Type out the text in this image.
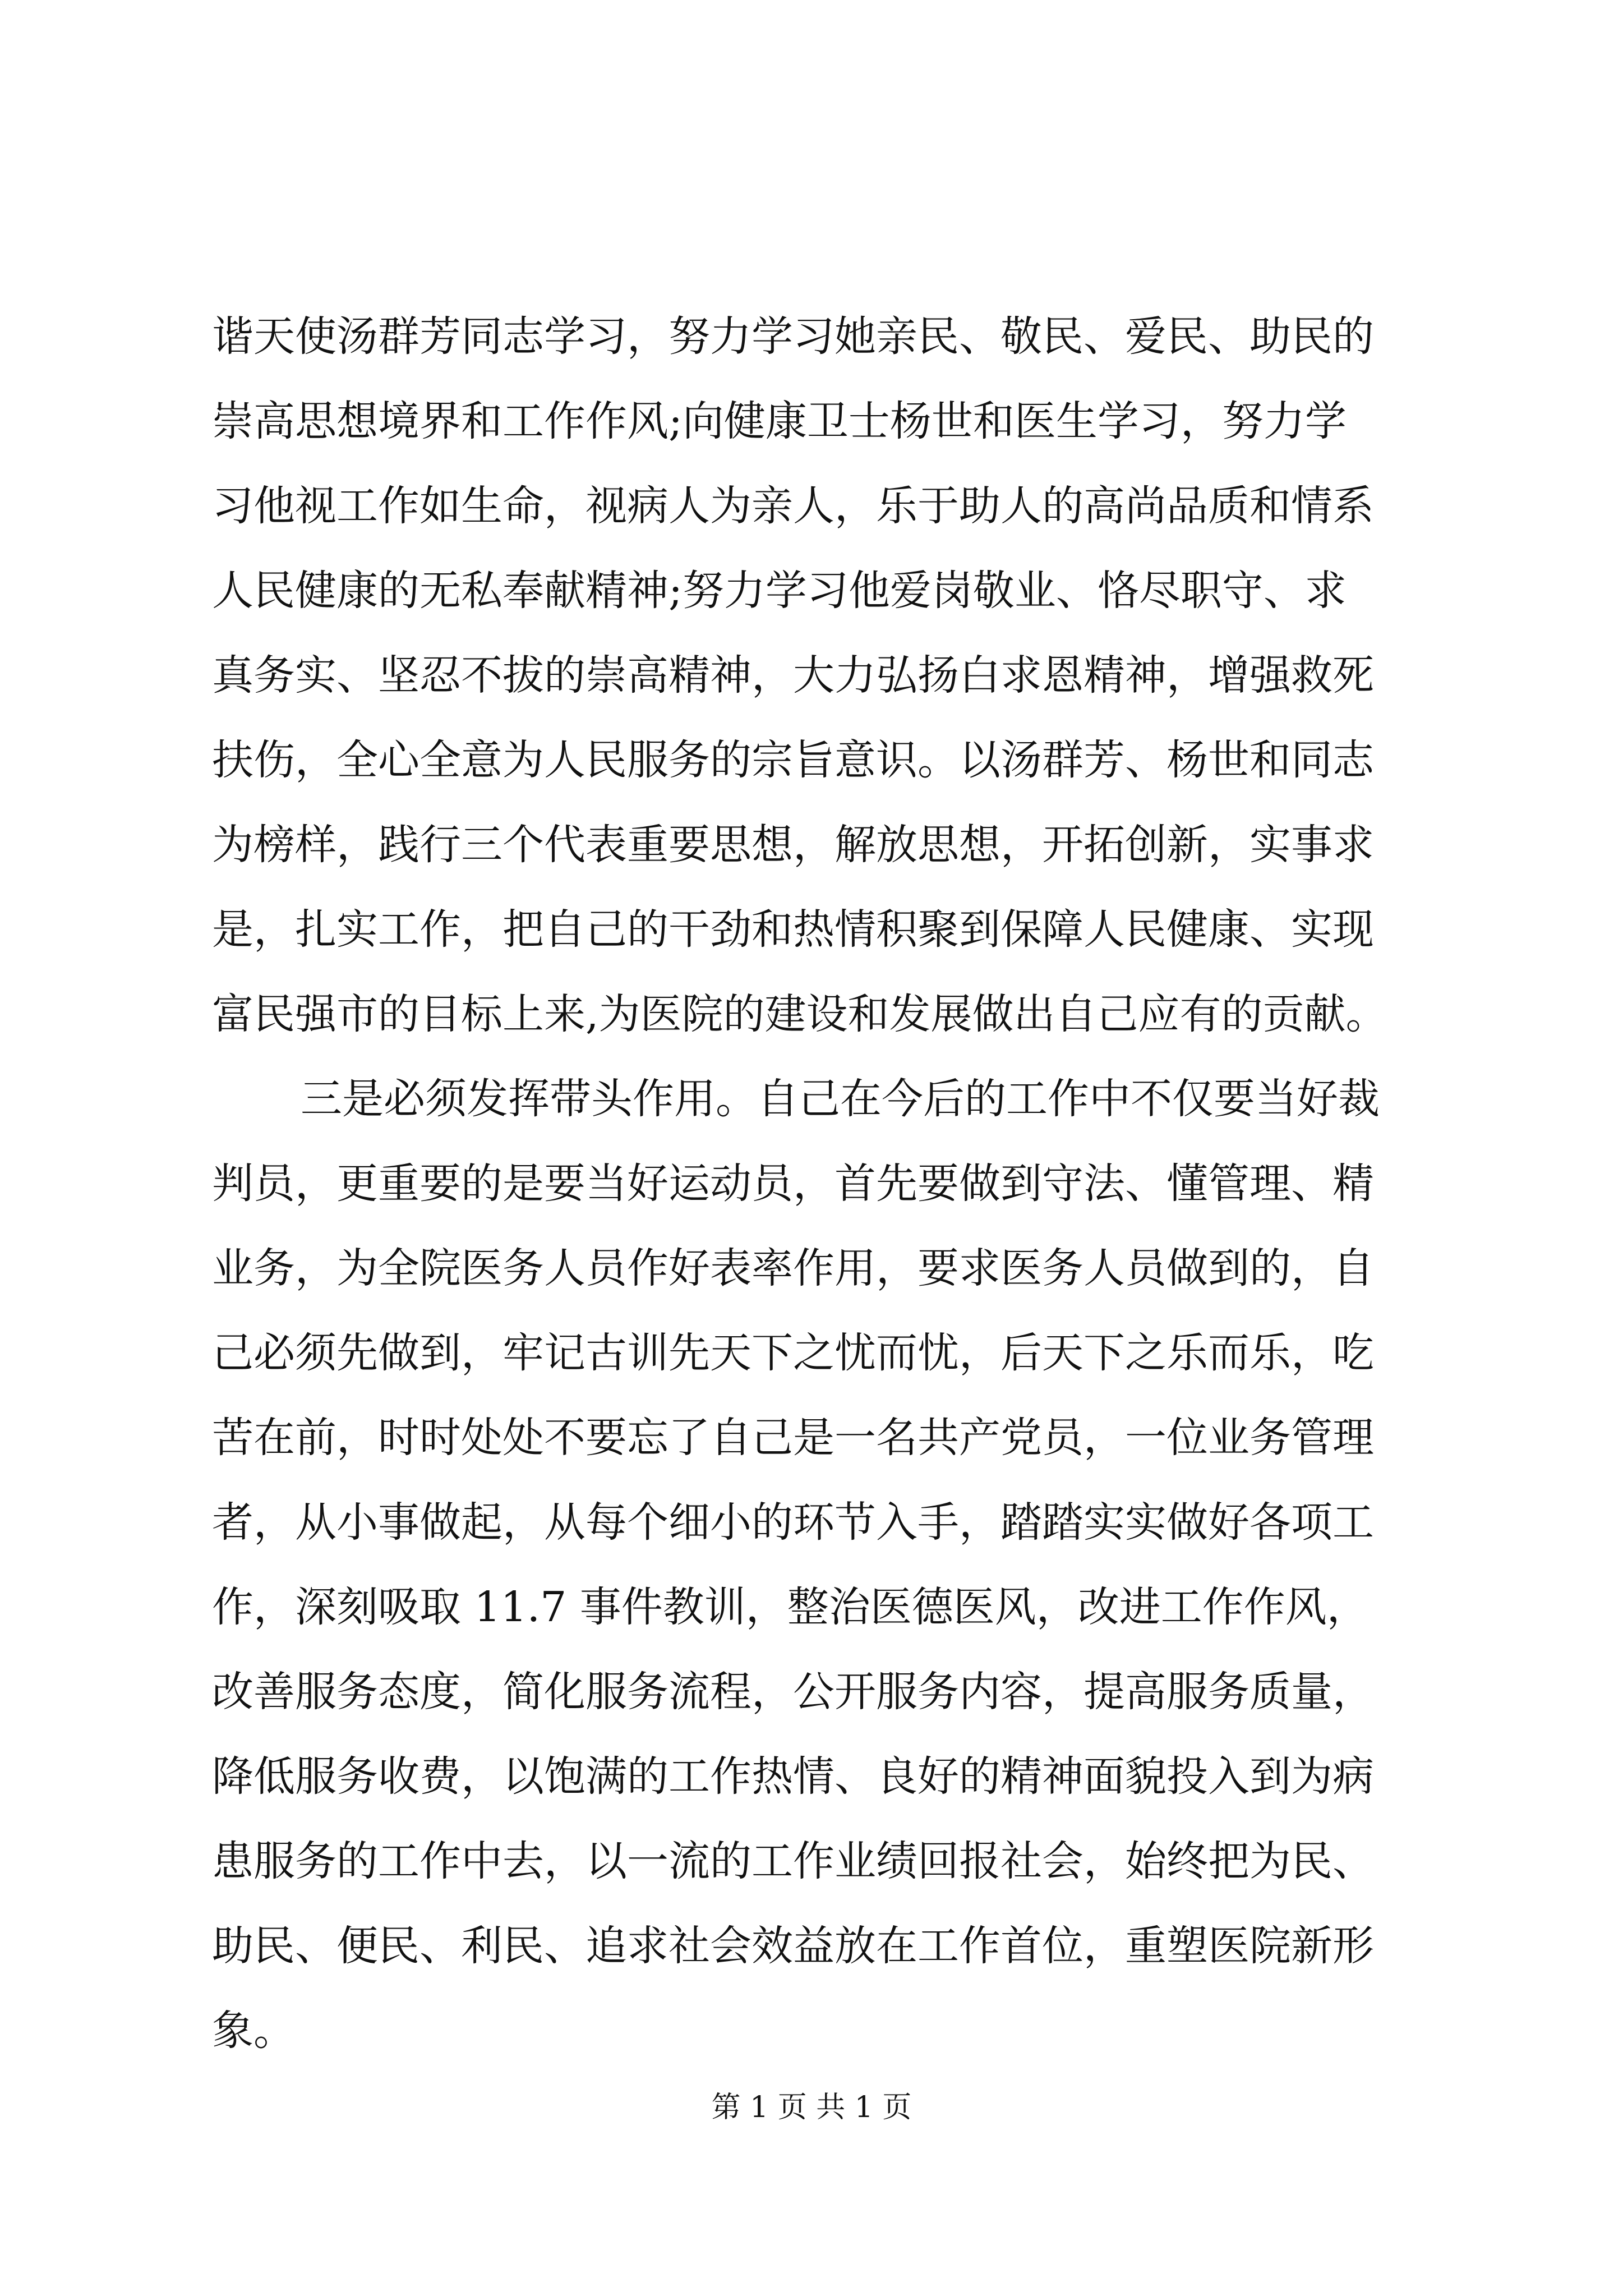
谐天使汤群芳同志学习，努力学习她亲民、敬民、爱民、助民的
崇高思想境界和工作作风;向健康卫士杨世和医生学习，努力学
习他视工作如生命，视病人为亲人，乐于助人的高尚品质和情系
人民健康的无私奉献精神;努力学习他爱岗敬业、恪尽职守、求
真务实、坚忍不拔的崇高精神，大力弘扬白求恩精神，增强救死
扶伤，全心全意为人民服务的宗旨意识。以汤群芳、杨世和同志
为榜样，践行三个代表重要思想，解放思想，开拓创新，实事求
是，扎实工作，把自己的干劲和热情积聚到保障人民健康、实现
富民强市的目标上来,为医院的建设和发展做出自己应有的贡献。
三是必须发挥带头作用。自己在今后的工作中不仅要当好裁
判员，更重要的是要当好运动员，首先要做到守法、懂管理、精
业务，为全院医务人员作好表率作用，要求医务人员做到的，自
己必须先做到，牢记古训先天下之忧而忧，后天下之乐而乐，吃
苦在前，时时处处不要忘了自己是一名共产党员，一位业务管理
者，从小事做起，从每个细小的环节入手，踏踏实实做好各项工
作，深刻吸取 11.7 事件教训，整治医德医风，改进工作作风，
改善服务态度，简化服务流程，公开服务内容，提高服务质量，
降低服务收费，以饱满的工作热情、良好的精神面貌投入到为病
患服务的工作中去，以一流的工作业绩回报社会，始终把为民、
助民、便民、利民、追求社会效益放在工作首位，重塑医院新形
象。
第 1 页 共 1 页
